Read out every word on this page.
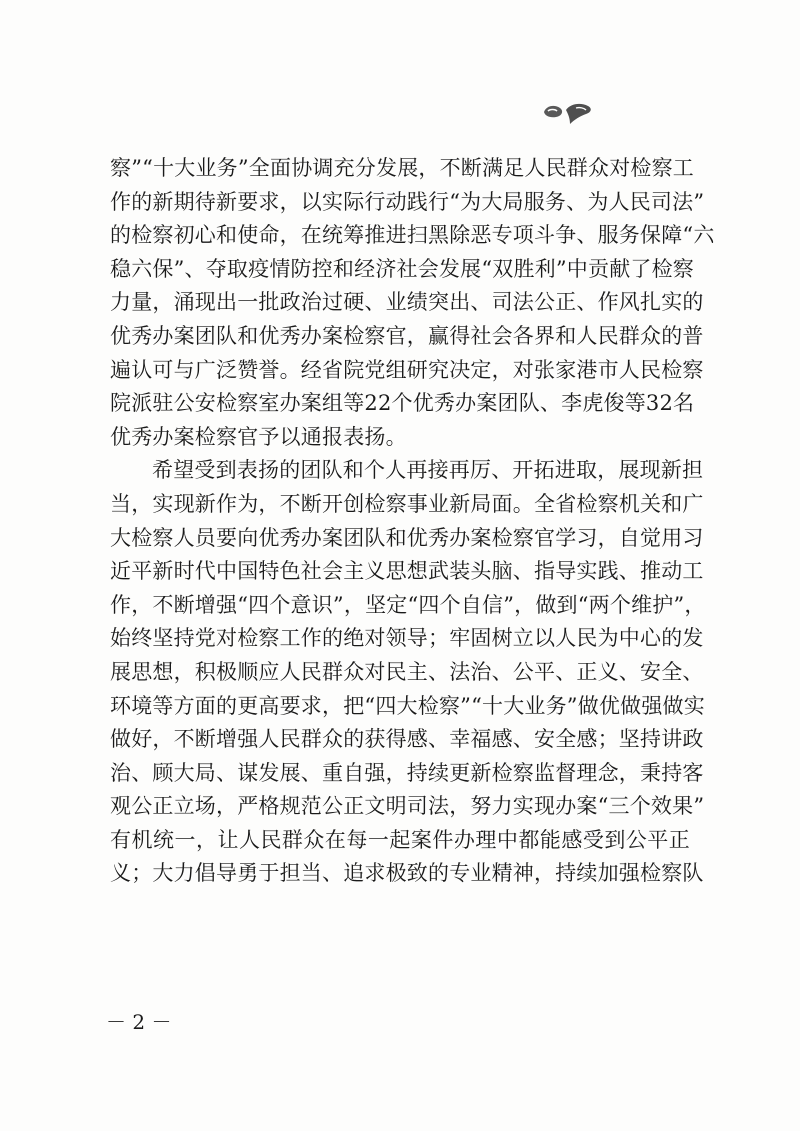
察”“十大业务”全面协调充分发展，不断满足人民群众对检察工
作的新期待新要求，以实际行动践行“为大局服务、为人民司法”
的检察初心和使命，在统筹推进扫黑除恶专项斗争、服务保障“六
稳六保”、夺取疫情防控和经济社会发展“双胜利”中贡献了检察
力量，涌现出一批政治过硬、业绩突出、司法公正、作风扎实的
优秀办案团队和优秀办案检察官，赢得社会各界和人民群众的普
遍认可与广泛赞誉。经省院党组研究决定，对张家港市人民检察
院派驻公安检察室办案组等22个优秀办案团队、李虎俊等32名
优秀办案检察官予以通报表扬。
希望受到表扬的团队和个人再接再厉、开拓进取，展现新担
当，实现新作为，不断开创检察事业新局面。全省检察机关和广
大检察人员要向优秀办案团队和优秀办案检察官学习，自觉用习
近平新时代中国特色社会主义思想武装头脑、指导实践、推动工
作，不断增强“四个意识”，坚定“四个自信”，做到“两个维护”，
始终坚持党对检察工作的绝对领导；牢固树立以人民为中心的发
展思想，积极顺应人民群众对民主、法治、公平、正义、安全、
环境等方面的更高要求，把“四大检察”“十大业务”做优做强做实
做好，不断增强人民群众的获得感、幸福感、安全感；坚持讲政
治、顾大局、谋发展、重自强，持续更新检察监督理念，秉持客
观公正立场，严格规范公正文明司法，努力实现办案“三个效果”
有机统一，让人民群众在每一起案件办理中都能感受到公平正
义；大力倡导勇于担当、追求极致的专业精神，持续加强检察队
－ 2 －
